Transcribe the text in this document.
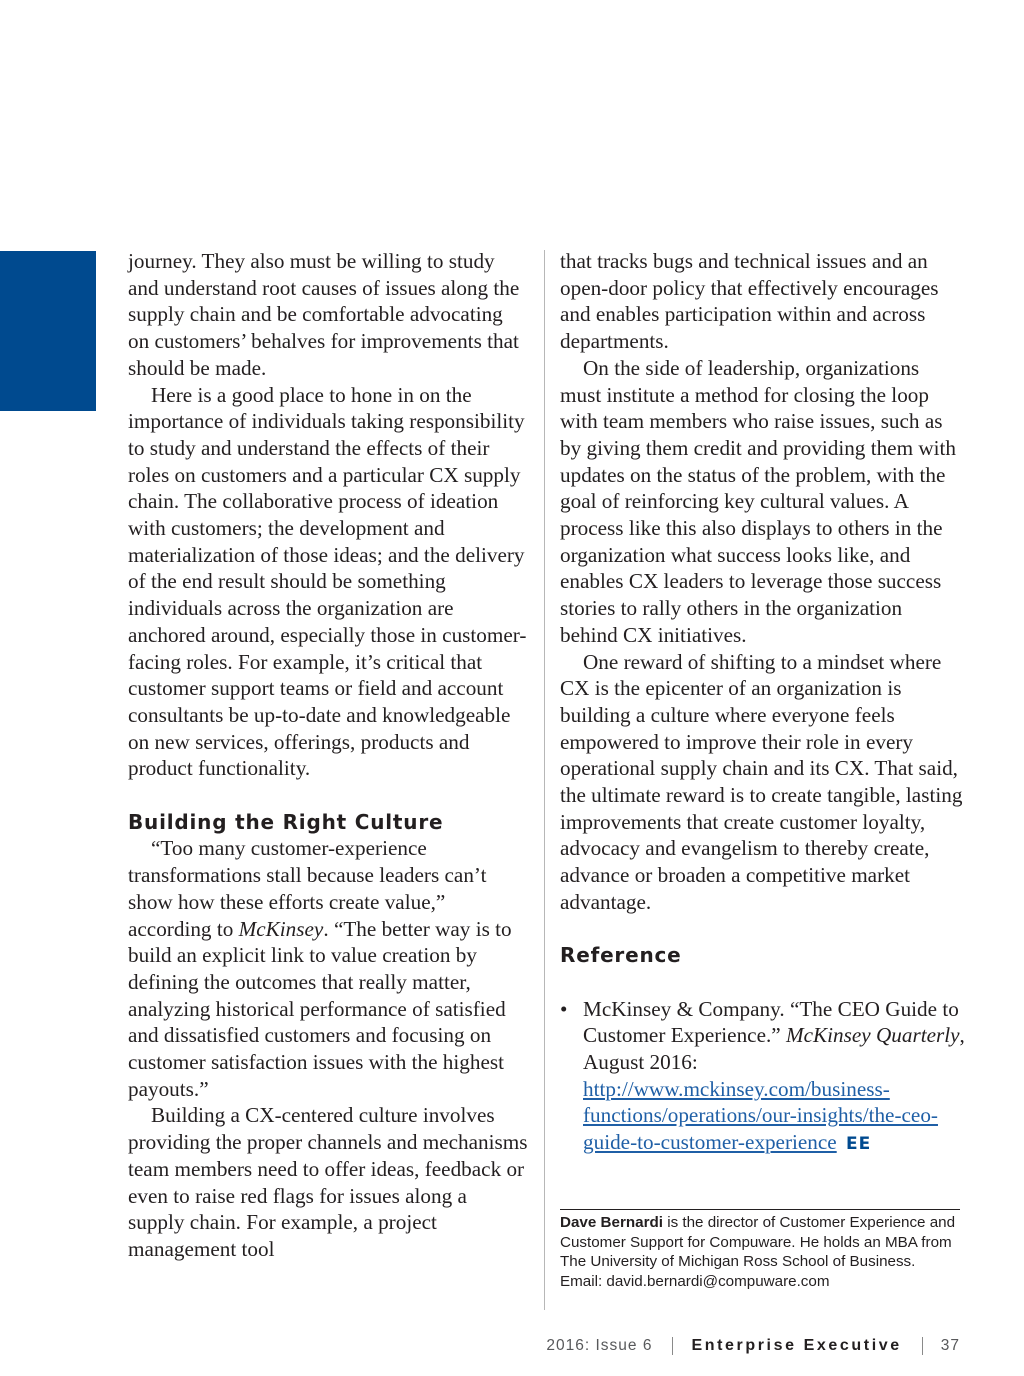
journey. They also must be willing to study and understand root causes of issues along the supply chain and be comfortable advocating on customers’ behalves for improvements that should be made.

Here is a good place to hone in on the importance of individuals taking responsibility to study and understand the effects of their roles on customers and a particular CX supply chain. The collaborative process of ideation with customers; the development and materialization of those ideas; and the delivery of the end result should be something individuals across the organization are anchored around, especially those in customer-facing roles. For example, it’s critical that customer support teams or field and account consultants be up-to-date and knowledgeable on new services, offerings, products and product functionality.

Building the Right Culture

“Too many customer-experience transformations stall because leaders can’t show how these efforts create value,” according to McKinsey. “The better way is to build an explicit link to value creation by defining the outcomes that really matter, analyzing historical performance of satisfied and dissatisfied customers and focusing on customer satisfaction issues with the highest payouts.”

Building a CX-centered culture involves providing the proper channels and mechanisms team members need to offer ideas, feedback or even to raise red flags for issues along a supply chain. For example, a project management tool

that tracks bugs and technical issues and an open-door policy that effectively encourages and enables participation within and across departments.

On the side of leadership, organizations must institute a method for closing the loop with team members who raise issues, such as by giving them credit and providing them with updates on the status of the problem, with the goal of reinforcing key cultural values. A process like this also displays to others in the organization what success looks like, and enables CX leaders to leverage those success stories to rally others in the organization behind CX initiatives.

One reward of shifting to a mindset where CX is the epicenter of an organization is building a culture where everyone feels empowered to improve their role in every operational supply chain and its CX. That said, the ultimate reward is to create tangible, lasting improvements that create customer loyalty, advocacy and evangelism to thereby create, advance or broaden a competitive market advantage.

Reference
• McKinsey & Company. “The CEO Guide to Customer Experience.” McKinsey Quarterly, August 2016: http://www.mckinsey.com/business-functions/operations/our-insights/the-ceo-guide-to-customer-experience EE
Dave Bernardi is the director of Customer Experience and Customer Support for Compuware. He holds an MBA from The University of Michigan Ross School of Business.
Email: david.bernardi@compuware.com
2016: Issue 6 Enterprise Executive	37
